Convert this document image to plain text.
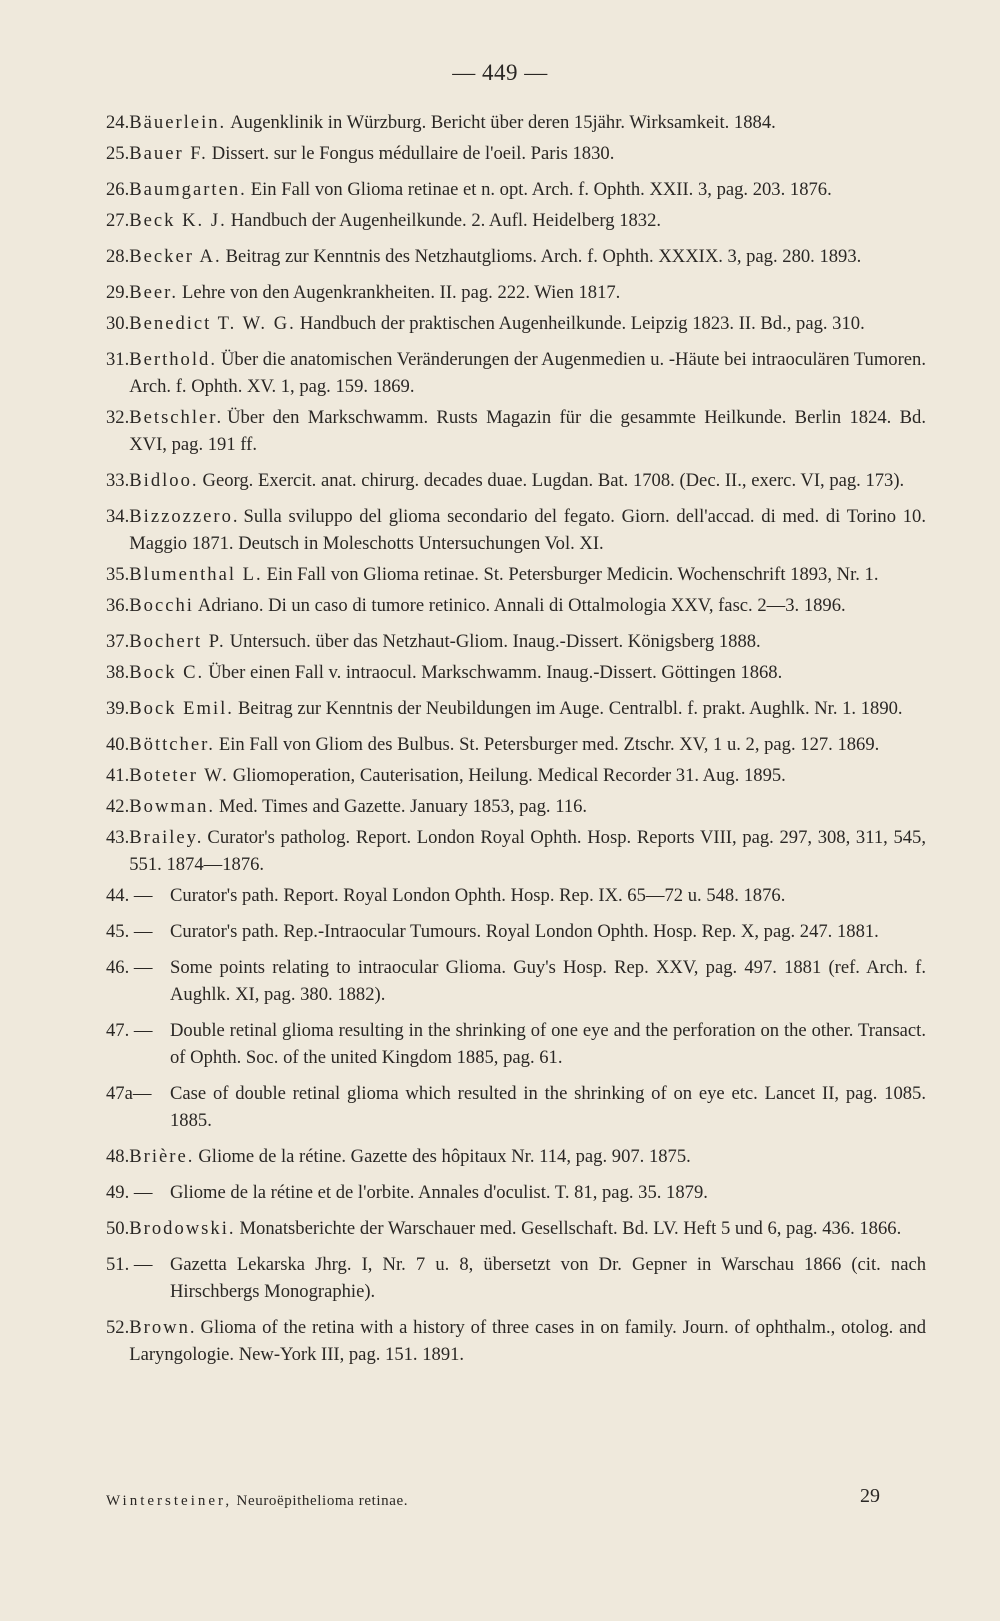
— 449 —
24. Bäuerlein. Augenklinik in Würzburg. Bericht über deren 15jähr. Wirksamkeit. 1884.
25. Bauer F. Dissert. sur le Fongus médullaire de l'oeil. Paris 1830.
26. Baumgarten. Ein Fall von Glioma retinae et n. opt. Arch. f. Ophth. XXII. 3, pag. 203. 1876.
27. Beck K. J. Handbuch der Augenheilkunde. 2. Aufl. Heidelberg 1832.
28. Becker A. Beitrag zur Kenntnis des Netzhautglioms. Arch. f. Ophth. XXXIX. 3, pag. 280. 1893.
29. Beer. Lehre von den Augenkrankheiten. II. pag. 222. Wien 1817.
30. Benedict T. W. G. Handbuch der praktischen Augenheilkunde. Leipzig 1823. II. Bd., pag. 310.
31. Berthold. Über die anatomischen Veränderungen der Augenmedien u. -Häute bei intraoculären Tumoren. Arch. f. Ophth. XV. 1, pag. 159. 1869.
32. Betschler. Über den Markschwamm. Rusts Magazin für die gesammte Heilkunde. Berlin 1824. Bd. XVI, pag. 191 ff.
33. Bidloo. Georg. Exercit. anat. chirurg. decades duae. Lugdan. Bat. 1708. (Dec. II., exerc. VI, pag. 173).
34. Bizzozzero. Sulla sviluppo del glioma secondario del fegato. Giorn. dell'accad. di med. di Torino 10. Maggio 1871. Deutsch in Moleschotts Untersuchungen Vol. XI.
35. Blumenthal L. Ein Fall von Glioma retinae. St. Petersburger Medicin. Wochenschrift 1893, Nr. 1.
36. Bocchi Adriano. Di un caso di tumore retinico. Annali di Ottalmologia XXV, fasc. 2—3. 1896.
37. Bochert P. Untersuch. über das Netzhaut-Gliom. Inaug.-Dissert. Königsberg 1888.
38. Bock C. Über einen Fall v. intraocul. Markschwamm. Inaug.-Dissert. Göttingen 1868.
39. Bock Emil. Beitrag zur Kenntnis der Neubildungen im Auge. Centralbl. f. prakt. Aughlk. Nr. 1. 1890.
40. Böttcher. Ein Fall von Gliom des Bulbus. St. Petersburger med. Ztschr. XV, 1 u. 2, pag. 127. 1869.
41. Boteter W. Gliomoperation, Cauterisation, Heilung. Medical Recorder 31. Aug. 1895.
42. Bowman. Med. Times and Gazette. January 1853, pag. 116.
43. Brailey. Curator's patholog. Report. London Royal Ophth. Hosp. Reports VIII, pag. 297, 308, 311, 545, 551. 1874—1876.
44. — Curator's path. Report. Royal London Ophth. Hosp. Rep. IX. 65—72 u. 548. 1876.
45. — Curator's path. Rep.-Intraocular Tumours. Royal London Ophth. Hosp. Rep. X, pag. 247. 1881.
46. — Some points relating to intraocular Glioma. Guy's Hosp. Rep. XXV, pag. 497. 1881 (ref. Arch. f. Aughlk. XI, pag. 380. 1882).
47. — Double retinal glioma resulting in the shrinking of one eye and the perforation on the other. Transact. of Ophth. Soc. of the united Kingdom 1885, pag. 61.
47a— Case of double retinal glioma which resulted in the shrinking of on eye etc. Lancet II, pag. 1085. 1885.
48. Brière. Gliome de la rétine. Gazette des hôpitaux Nr. 114, pag. 907. 1875.
49. — Gliome de la rétine et de l'orbite. Annales d'oculist. T. 81, pag. 35. 1879.
50. Brodowski. Monatsberichte der Warschauer med. Gesellschaft. Bd. LV. Heft 5 und 6, pag. 436. 1866.
51. — Gazetta Lekarska Jhrg. I, Nr. 7 u. 8, übersetzt von Dr. Gepner in Warschau 1866 (cit. nach Hirschbergs Monographie).
52. Brown. Glioma of the retina with a history of three cases in on family. Journ. of ophthalm., otolog. and Laryngologie. New-York III, pag. 151. 1891.
Wintersteiner, Neuroëpithelioma retinae.	29
